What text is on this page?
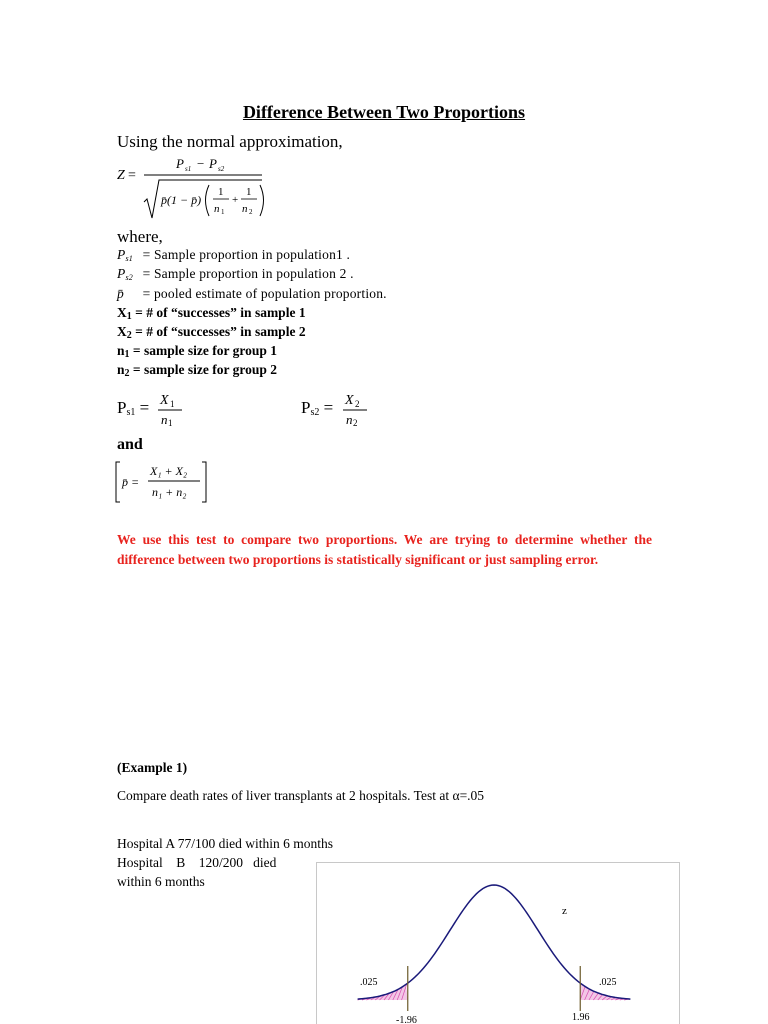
Difference Between Two Proportions
Using the normal approximation,
Z =
P s1 − P s2
p̄(1 − p̄)
1
n 1
+
1
n 2
where,
Ps1 = Sample proportion in population1 .
Ps2 = Sample proportion in population 2 .
p̄ = pooled estimate of population proportion.
$X_1$ = # of “successes” in sample 1
$X_2$ = # of “successes” in sample 2
$n_1$ = sample size for group 1
$n_2$ = sample size for group 2
$P_{s1} = X$ 1
n 1
$P_{s2} = X$ 2
n 2
and
p̄ =
X₁ + X₂
n₁ + n₂
We use this test to compare two proportions. We are trying to determine whether the difference between two proportions is statistically significant or just sampling error.
(Example 1)
Compare death rates of liver transplants at 2 hospitals. Test at α=.05
Hospital A 77/100 died within 6 months
Hospital    B    120/200   died
within 6 months
z
.025	.025
-1.96	1.96
